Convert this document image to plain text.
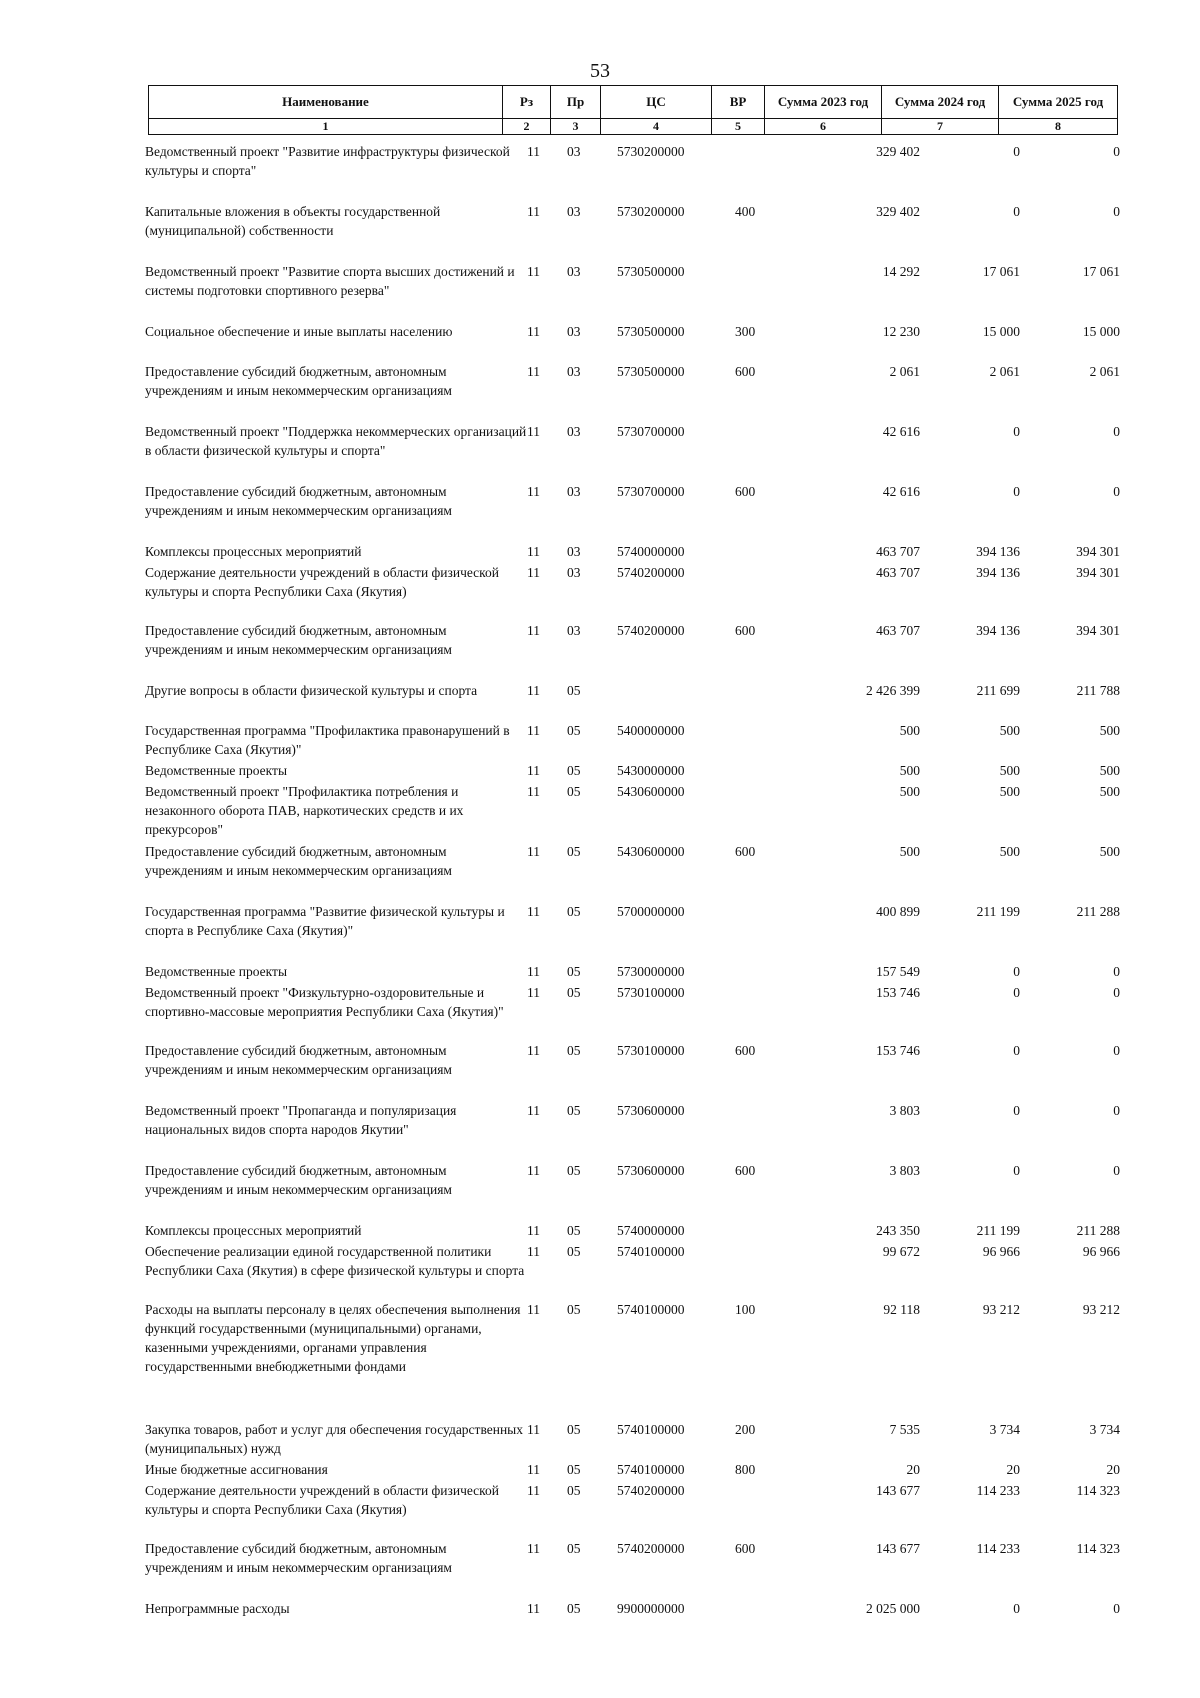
53
Наименование	Рз	Пр	ЦС	ВР	Сумма 2023 год	Сумма 2024 год	Сумма 2025 год
1	2	3	4	5	6	7	8
Ведомственный проект "Развитие инфраструктуры физической культуры и спорта"	11	03	5730200000		329 402	0	0
Капитальные вложения в объекты государственной (муниципальной) собственности	11	03	5730200000	400	329 402	0	0
Ведомственный проект "Развитие спорта высших достижений и системы подготовки спортивного резерва"	11	03	5730500000		14 292	17 061	17 061
Социальное обеспечение и иные выплаты населению	11	03	5730500000	300	12 230	15 000	15 000
Предоставление субсидий бюджетным, автономным учреждениям и иным некоммерческим организациям	11	03	5730500000	600	2 061	2 061	2 061
Ведомственный проект "Поддержка некоммерческих организаций в области физической культуры и спорта"	11	03	5730700000		42 616	0	0
Предоставление субсидий бюджетным, автономным учреждениям и иным некоммерческим организациям	11	03	5730700000	600	42 616	0	0
Комплексы процессных мероприятий	11	03	5740000000		463 707	394 136	394 301
Содержание деятельности учреждений в области физической культуры и спорта Республики Саха (Якутия)	11	03	5740200000		463 707	394 136	394 301
Предоставление субсидий бюджетным, автономным учреждениям и иным некоммерческим организациям	11	03	5740200000	600	463 707	394 136	394 301
Другие вопросы в области физической культуры и спорта	11	05			2 426 399	211 699	211 788
Государственная программа "Профилактика правонарушений в Республике Саха (Якутия)"	11	05	5400000000		500	500	500
Ведомственные проекты	11	05	5430000000		500	500	500
Ведомственный проект "Профилактика потребления и незаконного оборота ПАВ, наркотических средств и их прекурсоров"	11	05	5430600000		500	500	500
Предоставление субсидий бюджетным, автономным учреждениям и иным некоммерческим организациям	11	05	5430600000	600	500	500	500
Государственная программа "Развитие физической культуры и спорта в Республике Саха (Якутия)"	11	05	5700000000		400 899	211 199	211 288
Ведомственные проекты	11	05	5730000000		157 549	0	0
Ведомственный проект "Физкультурно-оздоровительные и спортивно-массовые мероприятия Республики Саха (Якутия)"	11	05	5730100000		153 746	0	0
Предоставление субсидий бюджетным, автономным учреждениям и иным некоммерческим организациям	11	05	5730100000	600	153 746	0	0
Ведомственный проект "Пропаганда и популяризация национальных видов спорта народов Якутии"	11	05	5730600000		3 803	0	0
Предоставление субсидий бюджетным, автономным учреждениям и иным некоммерческим организациям	11	05	5730600000	600	3 803	0	0
Комплексы процессных мероприятий	11	05	5740000000		243 350	211 199	211 288
Обеспечение реализации единой государственной политики Республики Саха (Якутия) в сфере физической культуры и спорта	11	05	5740100000		99 672	96 966	96 966
Расходы на выплаты персоналу в целях обеспечения выполнения функций государственными (муниципальными) органами, казенными учреждениями, органами управления государственными внебюджетными фондами	11	05	5740100000	100	92 118	93 212	93 212
Закупка товаров, работ и услуг для обеспечения государственных (муниципальных) нужд	11	05	5740100000	200	7 535	3 734	3 734
Иные бюджетные ассигнования	11	05	5740100000	800	20	20	20
Содержание деятельности учреждений в области физической культуры и спорта Республики Саха (Якутия)	11	05	5740200000		143 677	114 233	114 323
Предоставление субсидий бюджетным, автономным учреждениям и иным некоммерческим организациям	11	05	5740200000	600	143 677	114 233	114 323
Непрограммные расходы	11	05	9900000000		2 025 000	0	0
